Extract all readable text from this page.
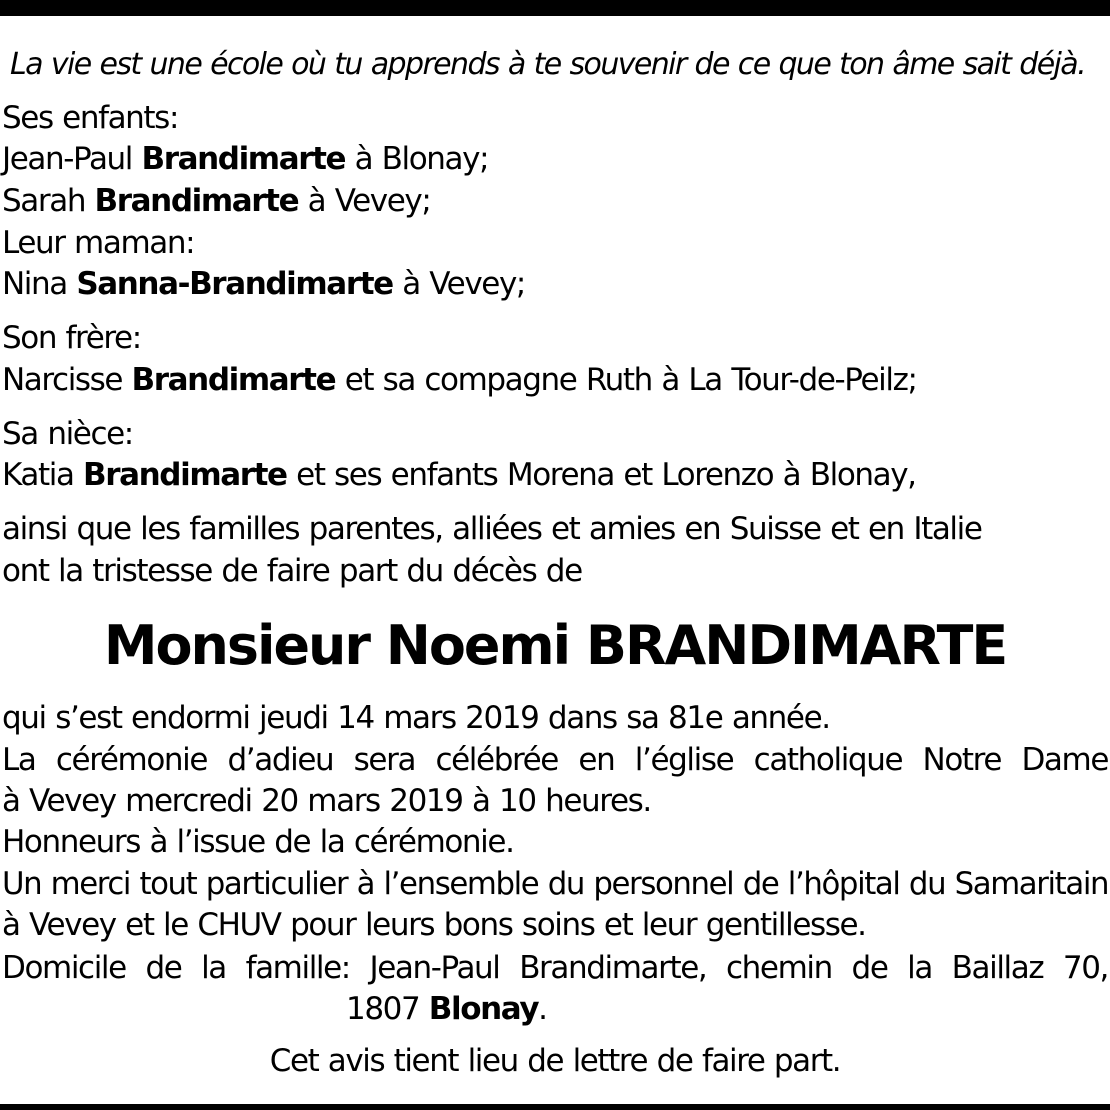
La vie est une école où tu apprends à te souvenir de ce que ton âme sait déjà.
Ses enfants:
Jean-Paul Brandimarte à Blonay;
Sarah Brandimarte à Vevey;
Leur maman:
Nina Sanna-Brandimarte à Vevey;
Son frère:
Narcisse Brandimarte et sa compagne Ruth à La Tour-de-Peilz;
Sa nièce:
Katia Brandimarte et ses enfants Morena et Lorenzo à Blonay,
ainsi que les familles parentes, alliées et amies en Suisse et en Italie
ont la tristesse de faire part du décès de
Monsieur Noemi BRANDIMARTE
qui s’est endormi jeudi 14 mars 2019 dans sa 81e année.
La cérémonie d’adieu sera célébrée en l’église catholique Notre Dame
à Vevey mercredi 20 mars 2019 à 10 heures.
Honneurs à l’issue de la cérémonie.
Un merci tout particulier à l’ensemble du personnel de l’hôpital du Samaritain
à Vevey et le CHUV pour leurs bons soins et leur gentillesse.
Domicile de la famille: Jean-Paul Brandimarte, chemin de la Baillaz 70,
1807 Blonay.
Cet avis tient lieu de lettre de faire part.
